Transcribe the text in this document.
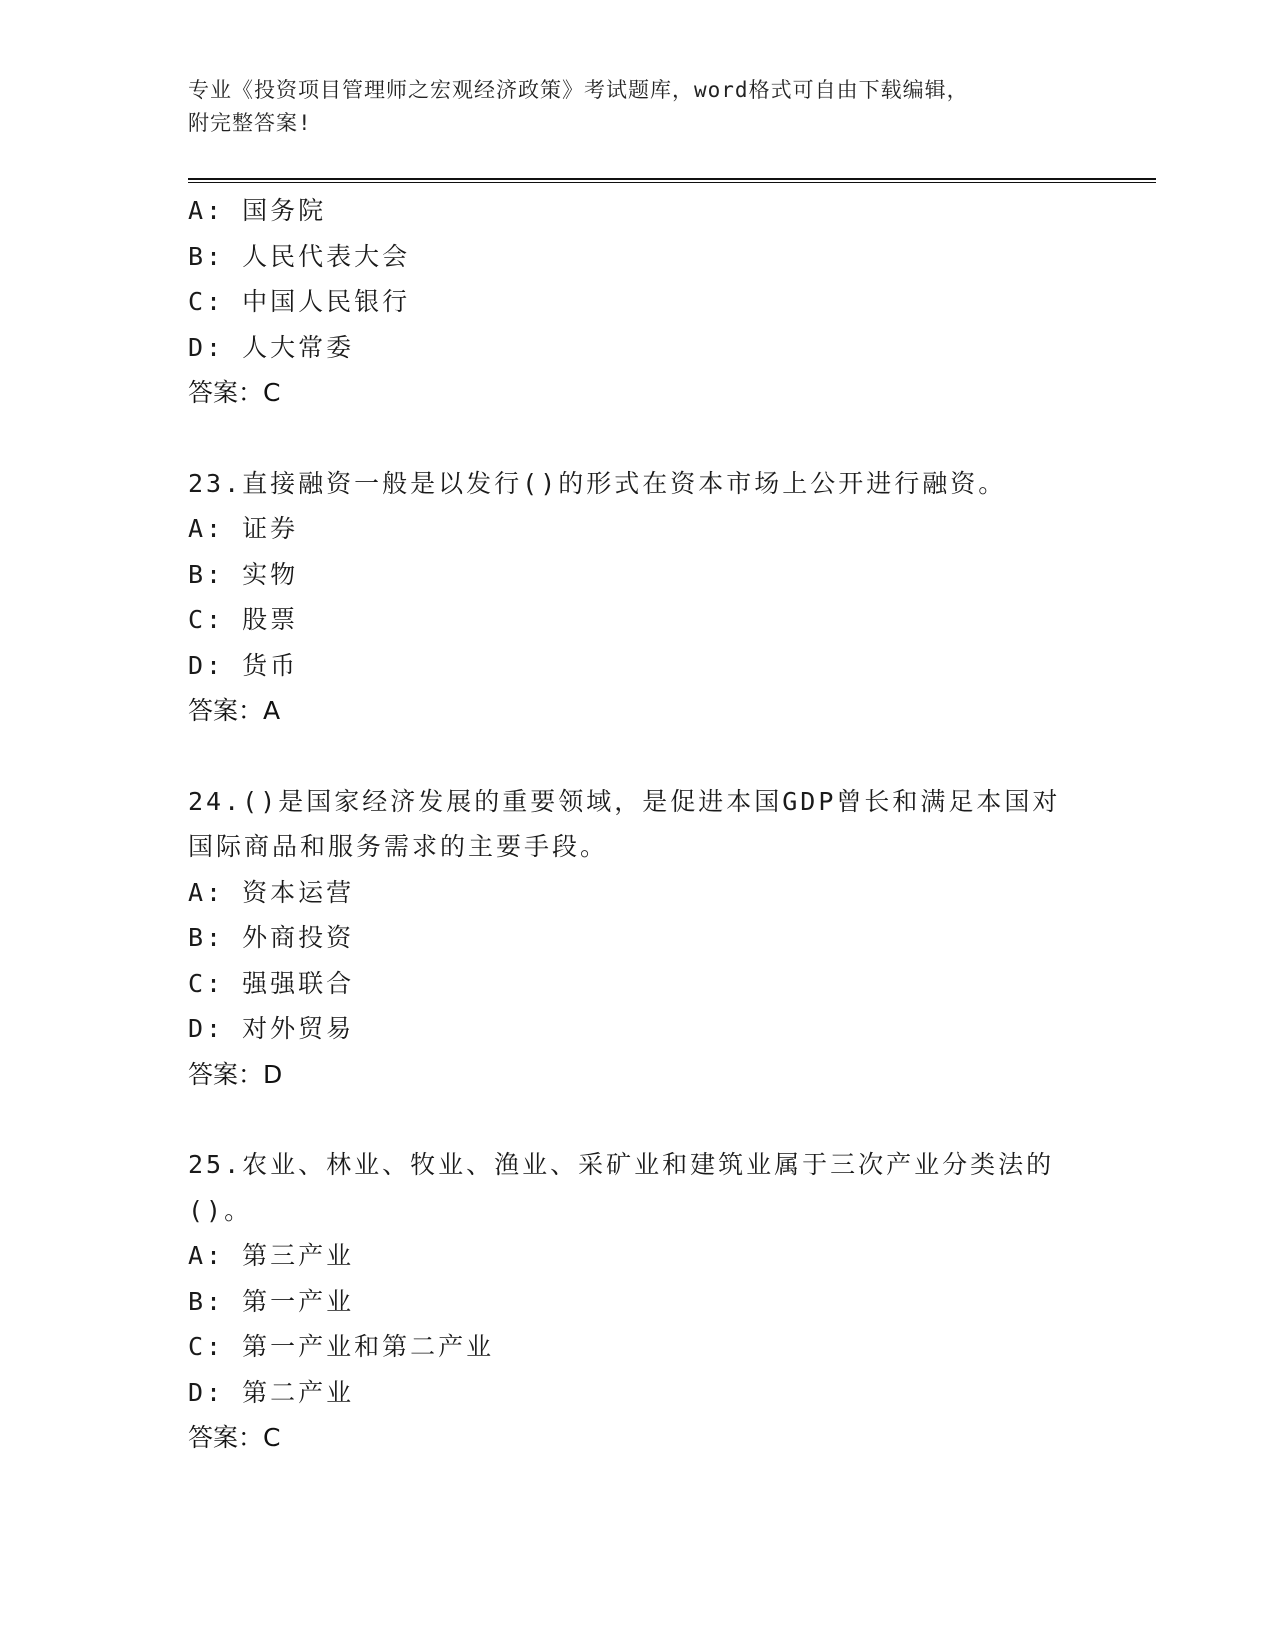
专业《投资项目管理师之宏观经济政策》考试题库，word格式可自由下载编辑，
附完整答案!
A: 国务院
B: 人民代表大会
C: 中国人民银行
D: 人大常委
答案：C
23.直接融资一般是以发行()的形式在资本市场上公开进行融资。
A: 证券
B: 实物
C: 股票
D: 货币
答案：A
24.()是国家经济发展的重要领域，是促进本国GDP曾长和满足本国对
国际商品和服务需求的主要手段。
A: 资本运营
B: 外商投资
C: 强强联合
D: 对外贸易
答案：D
25.农业、林业、牧业、渔业、采矿业和建筑业属于三次产业分类法的
()。
A: 第三产业
B: 第一产业
C: 第一产业和第二产业
D: 第二产业
答案：C
